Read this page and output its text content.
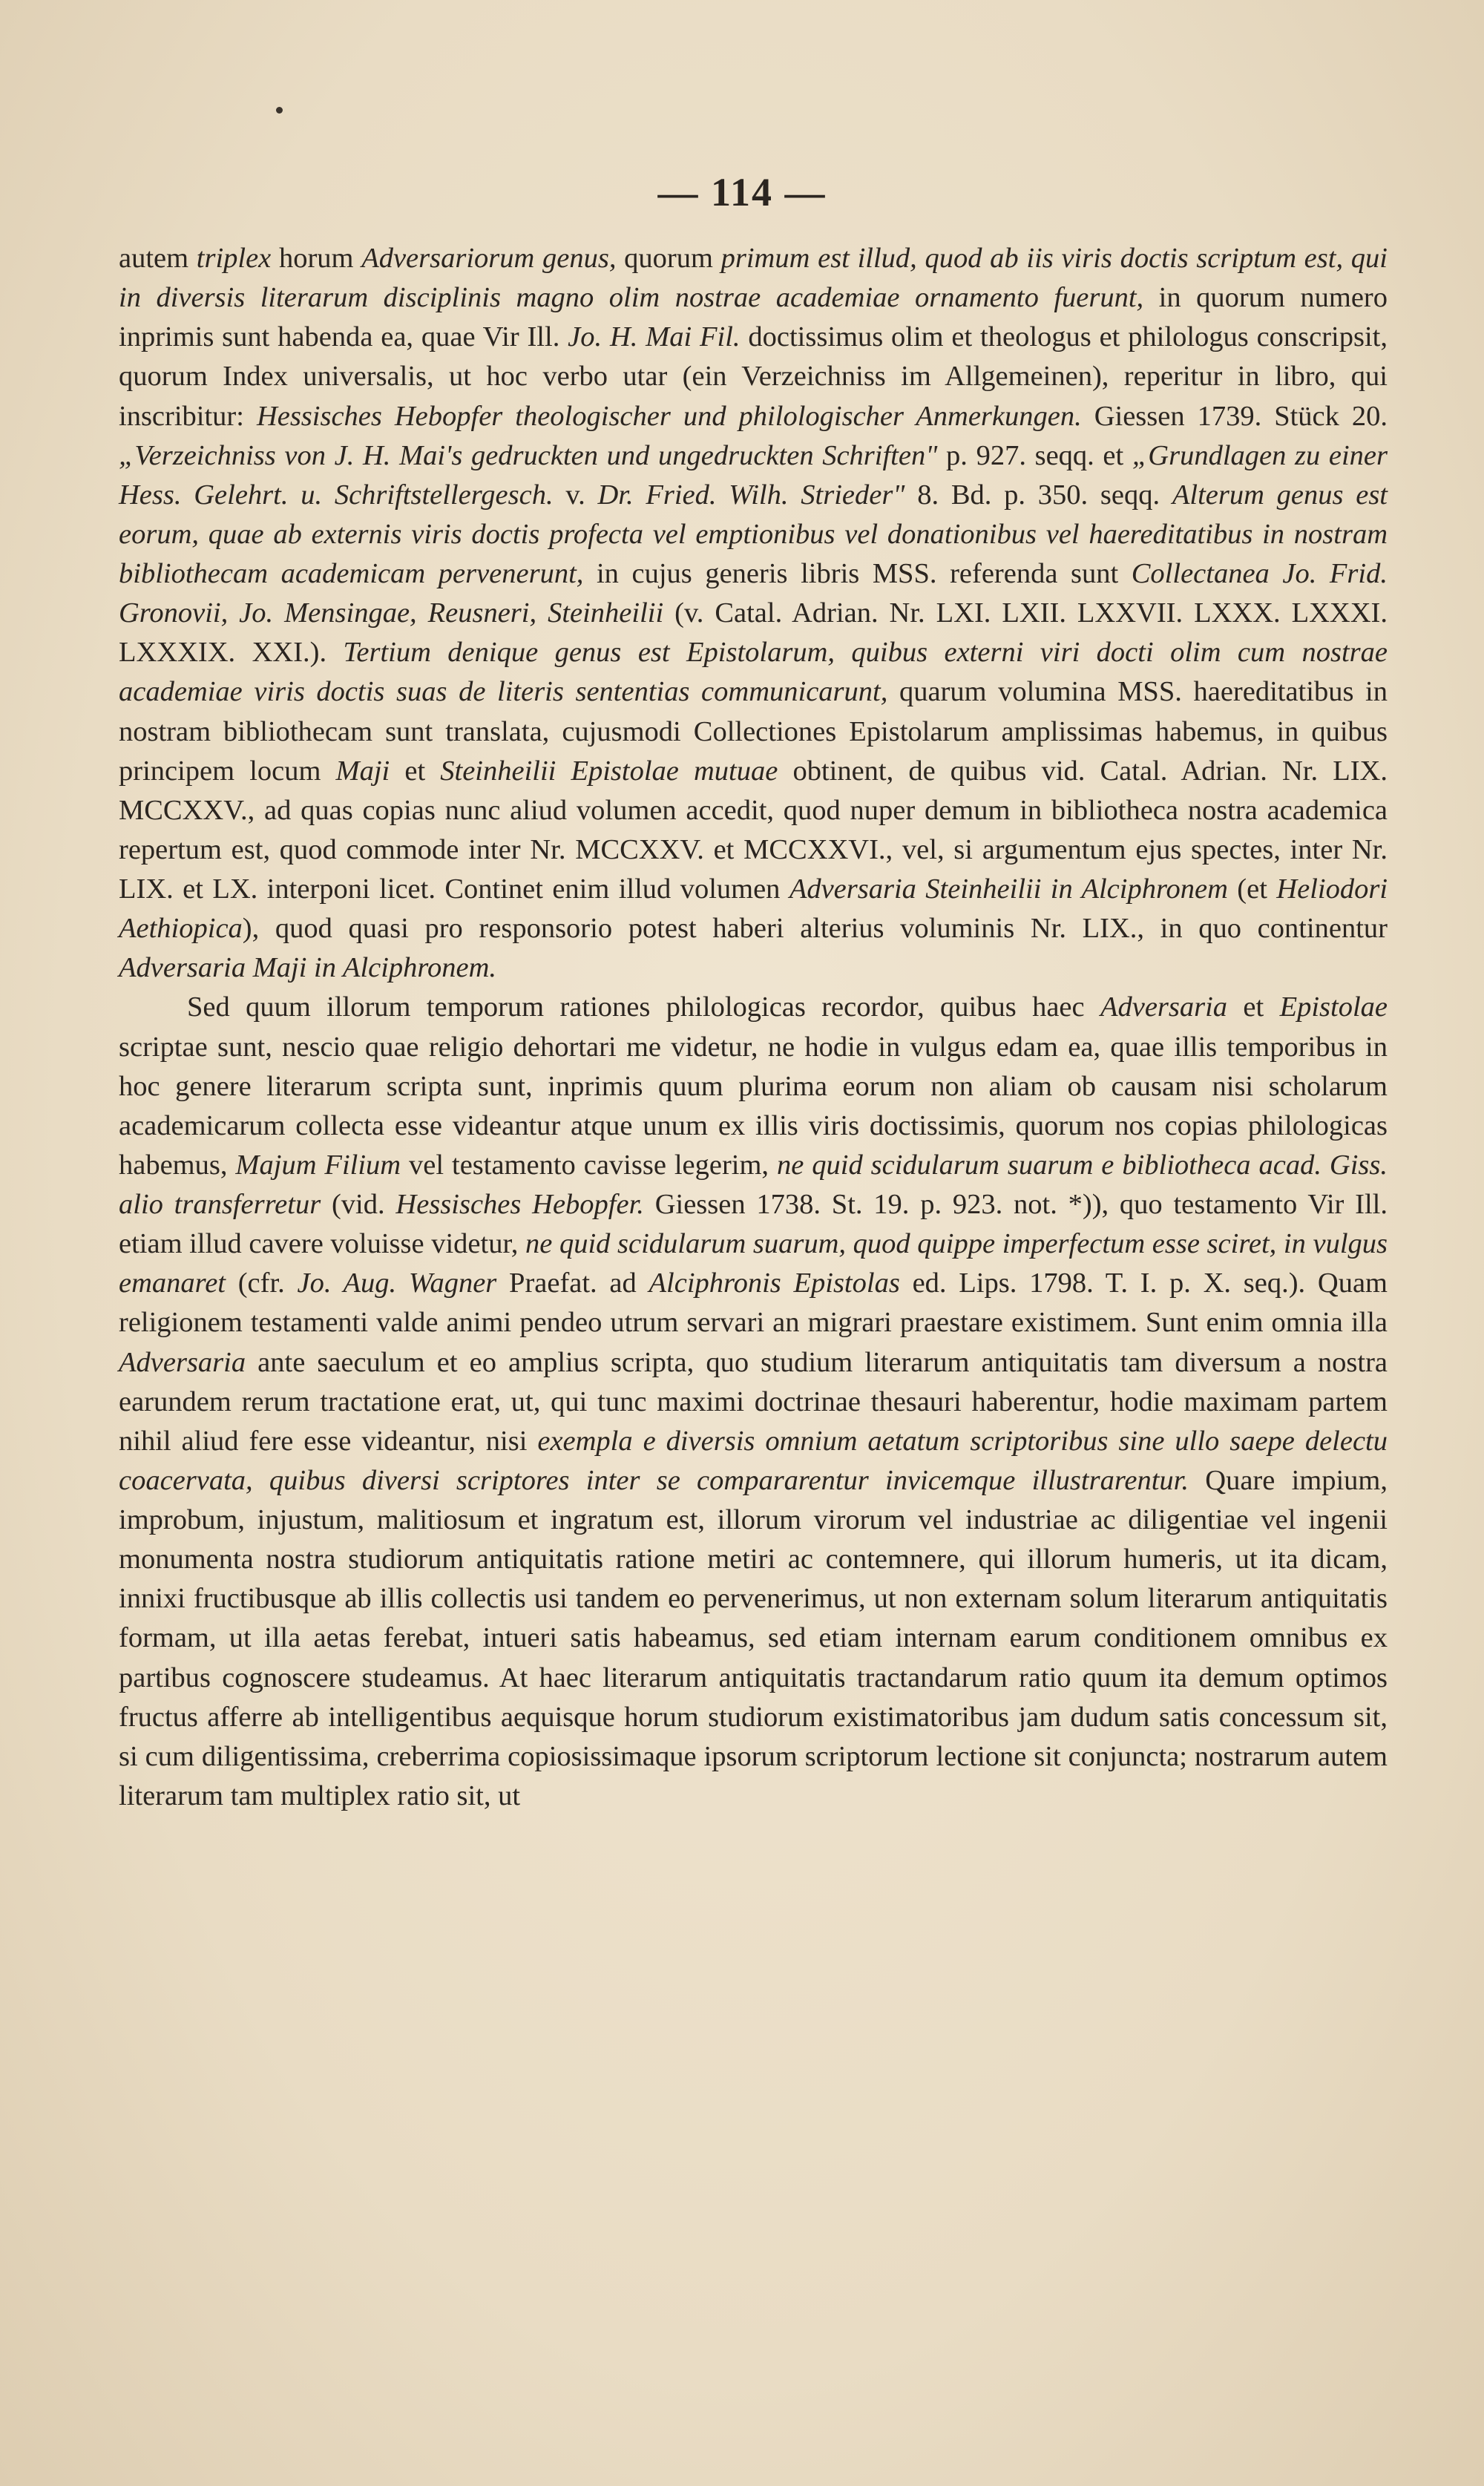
— 114 —

autem triplex horum Adversariorum genus, quorum primum est illud, quod ab iis viris doctis scriptum est, qui in diversis literarum disciplinis magno olim nostrae academiae ornamento fuerunt, in quorum numero inprimis sunt habenda ea, quae Vir Ill. Jo. H. Mai Fil. doctissimus olim et theologus et philologus conscripsit, quorum Index universalis, ut hoc verbo utar (ein Verzeichniss im Allgemeinen), reperitur in libro, qui inscribitur: Hessisches Hebopfer theologischer und philologischer Anmerkungen. Giessen 1739. Stück 20. „Verzeichniss von J. H. Mai's gedruckten und ungedruckten Schriften" p. 927. seqq. et „Grundlagen zu einer Hess. Gelehrt. u. Schriftstellergesch. v. Dr. Fried. Wilh. Strieder" 8. Bd. p. 350. seqq. Alterum genus est eorum, quae ab externis viris doctis profecta vel emptionibus vel donationibus vel haereditatibus in nostram bibliothecam academicam pervenerunt, in cujus generis libris MSS. referenda sunt Collectanea Jo. Frid. Gronovii, Jo. Mensingae, Reusneri, Steinheilii (v. Catal. Adrian. Nr. LXI. LXII. LXXVII. LXXX. LXXXI. LXXXIX. XXI.). Tertium denique genus est Epistolarum, quibus externi viri docti olim cum nostrae academiae viris doctis suas de literis sententias communicarunt, quarum volumina MSS. haereditatibus in nostram bibliothecam sunt translata, cujusmodi Collectiones Epistolarum amplissimas habemus, in quibus principem locum Maji et Steinheilii Epistolae mutuae obtinent, de quibus vid. Catal. Adrian. Nr. LIX. MCCXXV., ad quas copias nunc aliud volumen accedit, quod nuper demum in bibliotheca nostra academica repertum est, quod commode inter Nr. MCCXXV. et MCCXXVI., vel, si argumentum ejus spectes, inter Nr. LIX. et LX. interponi licet. Continet enim illud volumen Adversaria Steinheilii in Alciphronem (et Heliodori Aethiopica), quod quasi pro responsorio potest haberi alterius voluminis Nr. LIX., in quo continentur Adversaria Maji in Alciphronem.

Sed quum illorum temporum rationes philologicas recordor, quibus haec Adversaria et Epistolae scriptae sunt, nescio quae religio dehortari me videtur, ne hodie in vulgus edam ea, quae illis temporibus in hoc genere literarum scripta sunt, inprimis quum plurima eorum non aliam ob causam nisi scholarum academicarum collecta esse videantur atque unum ex illis viris doctissimis, quorum nos copias philologicas habemus, Majum Filium vel testamento cavisse legerim, ne quid scidularum suarum e bibliotheca acad. Giss. alio transferretur (vid. Hessisches Hebopfer. Giessen 1738. St. 19. p. 923. not. *)), quo testamento Vir Ill. etiam illud cavere voluisse videtur, ne quid scidularum suarum, quod quippe imperfectum esse sciret, in vulgus emanaret (cfr. Jo. Aug. Wagner Praefat. ad Alciphronis Epistolas ed. Lips. 1798. T. I. p. X. seq.). Quam religionem testamenti valde animi pendeo utrum servari an migrari praestare existimem. Sunt enim omnia illa Adversaria ante saeculum et eo amplius scripta, quo studium literarum antiquitatis tam diversum a nostra earundem rerum tractatione erat, ut, qui tunc maximi doctrinae thesauri haberentur, hodie maximam partem nihil aliud fere esse videantur, nisi exempla e diversis omnium aetatum scriptoribus sine ullo saepe delectu coacervata, quibus diversi scriptores inter se compararentur invicemque illustrarentur. Quare impium, improbum, injustum, malitiosum et ingratum est, illorum virorum vel industriae ac diligentiae vel ingenii monumenta nostra studiorum antiquitatis ratione metiri ac contemnere, qui illorum humeris, ut ita dicam, innixi fructibusque ab illis collectis usi tandem eo pervenerimus, ut non externam solum literarum antiquitatis formam, ut illa aetas ferebat, intueri satis habeamus, sed etiam internam earum conditionem omnibus ex partibus cognoscere studeamus. At haec literarum antiquitatis tractandarum ratio quum ita demum optimos fructus afferre ab intelligentibus aequisque horum studiorum existimatoribus jam dudum satis concessum sit, si cum diligentissima, creberrima copiosissimaque ipsorum scriptorum lectione sit conjuncta; nostrarum autem literarum tam multiplex ratio sit, ut
